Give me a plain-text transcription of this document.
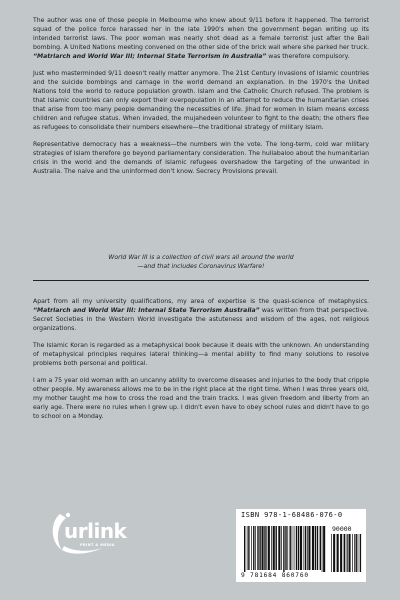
The author was one of those people in Melbourne who knew about 9/11 before it happened. The terrorist squad of the police force harassed her in the late 1990's when the government began writing up its intended terrorist laws. The poor woman was nearly shot dead as a female terrorist just after the Bali bombing. A United Nations meeting convened on the other side of the brick wall where she parked her truck. “Matriarch and World War III; Internal State Terrorism in Australia” was therefore compulsory.

Just who masterminded 9/11 doesn't really matter anymore. The 21st Century invasions of Islamic countries and the suicide bombings and carnage in the world demand an explanation. In the 1970's the United Nations told the world to reduce population growth. Islam and the Catholic Church refused. The problem is that Islamic countries can only export their overpopulation in an attempt to reduce the humanitarian crises that arise from too many people demanding the necessities of life. Jihad for women in Islam means excess children and refugee status. When invaded, the mujahedeen volunteer to fight to the death; the others flee as refugees to consolidate their numbers elsewhere—the traditional strategy of military Islam.

Representative democracy has a weakness—the numbers win the vote. The long-term, cold war military strategies of Islam therefore go beyond parliamentary consideration. The hullabaloo about the humanitarian crisis in the world and the demands of Islamic refugees overshadow the targeting of the unwanted in Australia. The naive and the uninformed don't know. Secrecy Provisions prevail.

World War III is a collection of civil wars all around the world
—and that includes Coronavirus Warfare!

Apart from all my university qualifications, my area of expertise is the quasi-science of metaphysics. “Matriarch and World War III: Internal State Terrorism Australia” was written from that perspective. Secret Societies in the Western World investigate the astuteness and wisdom of the ages, not religious organizations.

The Islamic Koran is regarded as a metaphysical book because it deals with the unknown. An understanding of metaphysical principles requires lateral thinking—a mental ability to find many solutions to resolve problems both personal and political.

I am a 75 year old woman with an uncanny ability to overcome diseases and injuries to the body that cripple other people. My awareness allows me to be in the right place at the right time. When I was three years old, my mother taught me how to cross the road and the train tracks. I was given freedom and liberty from an early age. There were no rules when I grew up. I didn't even have to obey school rules and didn't have to go to school on a Monday.

urlink
PRINT & MEDIA
ISBN 978-1-68486-076-0
90000
9 781684 860760
